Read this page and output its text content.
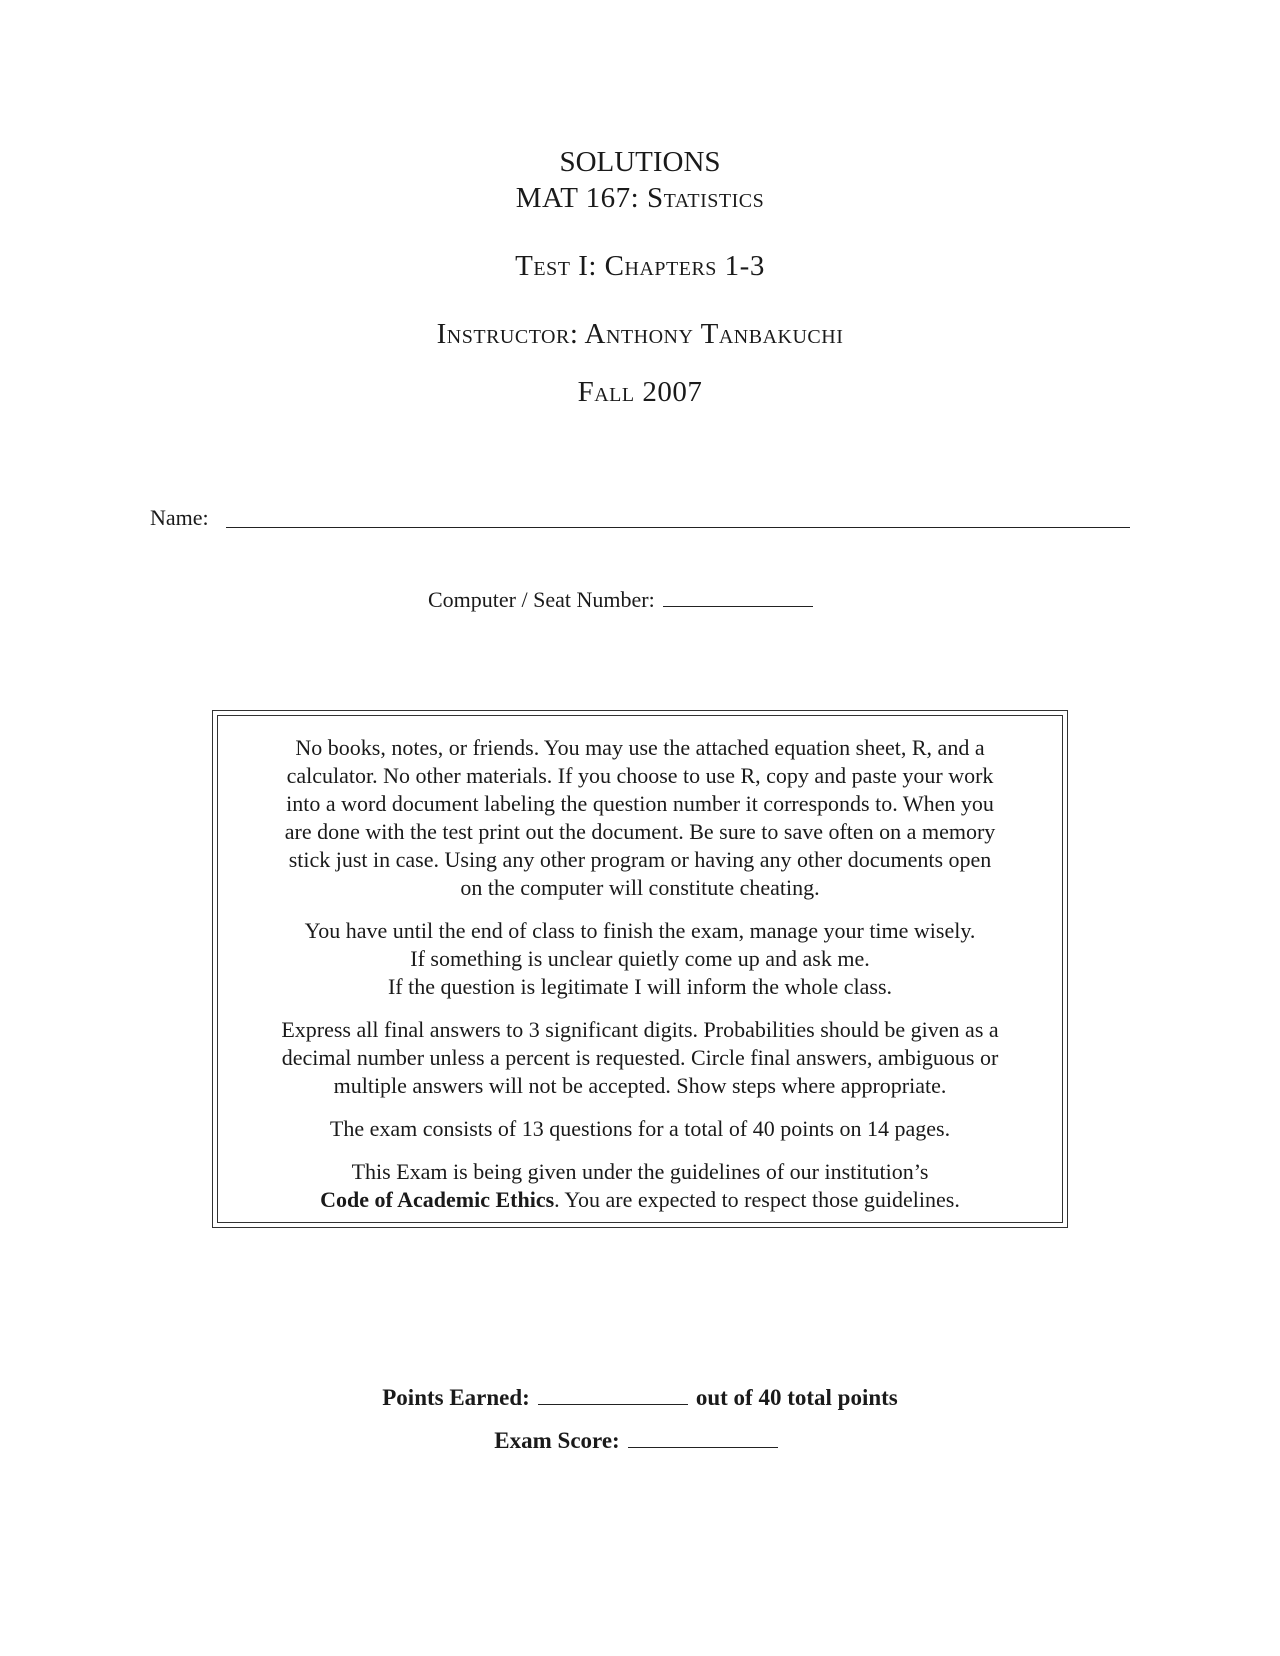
SOLUTIONS
MAT 167: Statistics
Test I: Chapters 1-3
Instructor: Anthony Tanbakuchi
Fall 2007
Name:
Computer / Seat Number:

No books, notes, or friends. You may use the attached equation sheet, R, and a
calculator. No other materials. If you choose to use R, copy and paste your work
into a word document labeling the question number it corresponds to. When you
are done with the test print out the document. Be sure to save often on a memory
stick just in case. Using any other program or having any other documents open
on the computer will constitute cheating.

You have until the end of class to finish the exam, manage your time wisely.
If something is unclear quietly come up and ask me.
If the question is legitimate I will inform the whole class.

Express all final answers to 3 significant digits. Probabilities should be given as a
decimal number unless a percent is requested. Circle final answers, ambiguous or
multiple answers will not be accepted. Show steps where appropriate.

The exam consists of 13 questions for a total of 40 points on 14 pages.

This Exam is being given under the guidelines of our institution’s
Code of Academic Ethics. You are expected to respect those guidelines.

Points Earned:	out of 40 total points
Exam Score:
